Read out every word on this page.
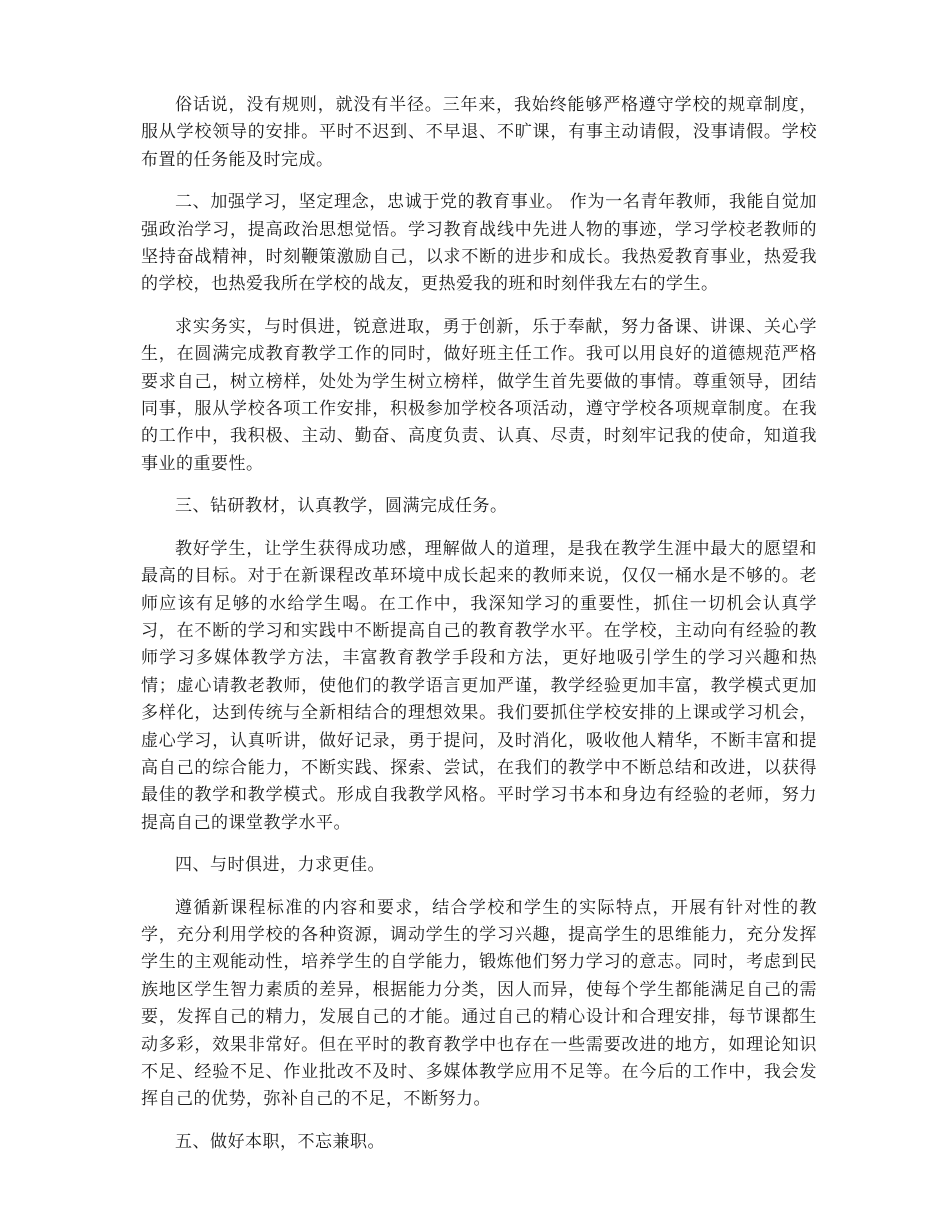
俗话说，没有规则，就没有半径。三年来，我始终能够严格遵守学校的规章制度，服从学校领导的安排。平时不迟到、不早退、不旷课，有事主动请假，没事请假。学校布置的任务能及时完成。

二、加强学习，坚定理念，忠诚于党的教育事业。 作为一名青年教师，我能自觉加强政治学习，提高政治思想觉悟。学习教育战线中先进人物的事迹，学习学校老教师的坚持奋战精神，时刻鞭策激励自己，以求不断的进步和成长。我热爱教育事业，热爱我的学校，也热爱我所在学校的战友，更热爱我的班和时刻伴我左右的学生。

求实务实，与时俱进，锐意进取，勇于创新，乐于奉献，努力备课、讲课、关心学生，在圆满完成教育教学工作的同时，做好班主任工作。我可以用良好的道德规范严格要求自己，树立榜样，处处为学生树立榜样，做学生首先要做的事情。尊重领导，团结同事，服从学校各项工作安排，积极参加学校各项活动，遵守学校各项规章制度。在我的工作中，我积极、主动、勤奋、高度负责、认真、尽责，时刻牢记我的使命，知道我事业的重要性。

三、钻研教材，认真教学，圆满完成任务。

教好学生，让学生获得成功感，理解做人的道理，是我在教学生涯中最大的愿望和最高的目标。对于在新课程改革环境中成长起来的教师来说，仅仅一桶水是不够的。老师应该有足够的水给学生喝。在工作中，我深知学习的重要性，抓住一切机会认真学习，在不断的学习和实践中不断提高自己的教育教学水平。在学校，主动向有经验的教师学习多媒体教学方法，丰富教育教学手段和方法，更好地吸引学生的学习兴趣和热情；虚心请教老教师，使他们的教学语言更加严谨，教学经验更加丰富，教学模式更加多样化，达到传统与全新相结合的理想效果。我们要抓住学校安排的上课或学习机会，虚心学习，认真听讲，做好记录，勇于提问，及时消化，吸收他人精华，不断丰富和提高自己的综合能力，不断实践、探索、尝试，在我们的教学中不断总结和改进，以获得最佳的教学和教学模式。形成自我教学风格。平时学习书本和身边有经验的老师，努力提高自己的课堂教学水平。

四、与时俱进，力求更佳。

遵循新课程标准的内容和要求，结合学校和学生的实际特点，开展有针对性的教学，充分利用学校的各种资源，调动学生的学习兴趣，提高学生的思维能力，充分发挥学生的主观能动性，培养学生的自学能力，锻炼他们努力学习的意志。同时，考虑到民族地区学生智力素质的差异，根据能力分类，因人而异，使每个学生都能满足自己的需要，发挥自己的精力，发展自己的才能。通过自己的精心设计和合理安排，每节课都生动多彩，效果非常好。但在平时的教育教学中也存在一些需要改进的地方，如理论知识不足、经验不足、作业批改不及时、多媒体教学应用不足等。在今后的工作中，我会发挥自己的优势，弥补自己的不足，不断努力。

五、做好本职，不忘兼职。
